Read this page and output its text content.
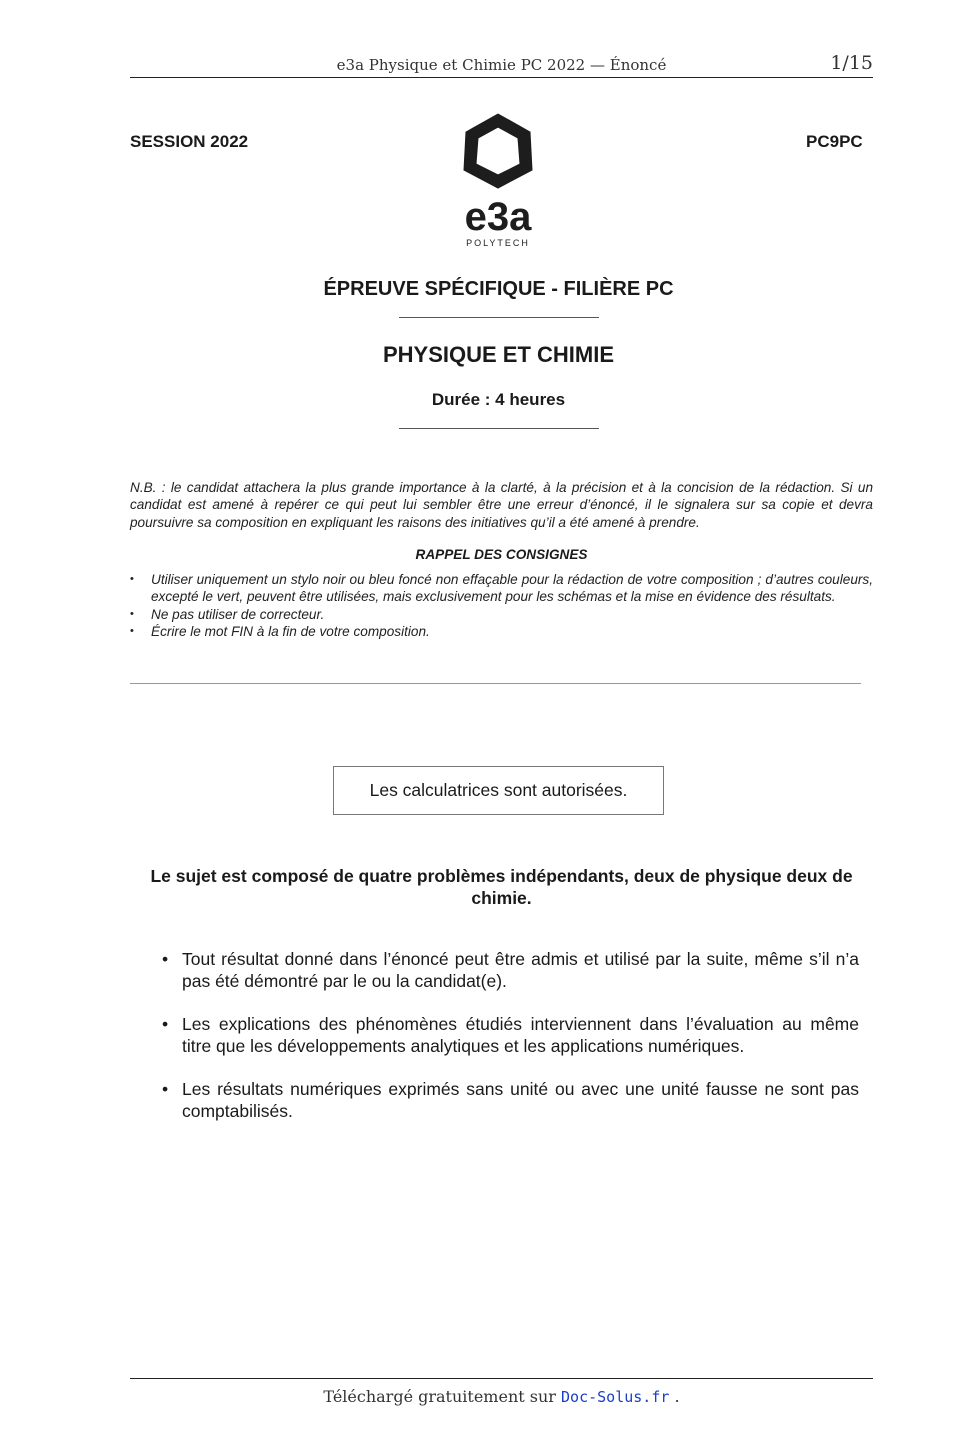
e3a Physique et Chimie PC 2022 — Énoncé	1/15
SESSION 2022	PC9PC
e3a
POLYTECH
ÉPREUVE SPÉCIFIQUE - FILIÈRE PC
PHYSIQUE ET CHIMIE
Durée : 4 heures
N.B. : le candidat attachera la plus grande importance à la clarté, à la précision et à la concision de la rédaction. Si un candidat est amené à repérer ce qui peut lui sembler être une erreur d’énoncé, il le signalera sur sa copie et devra poursuivre sa composition en expliquant les raisons des initiatives qu’il a été amené à prendre.
RAPPEL DES CONSIGNES
• Utiliser uniquement un stylo noir ou bleu foncé non effaçable pour la rédaction de votre composition ; d’autres couleurs, excepté le vert, peuvent être utilisées, mais exclusivement pour les schémas et la mise en évidence des résultats.
• Ne pas utiliser de correcteur.
• Écrire le mot FIN à la fin de votre composition.
Les calculatrices sont autorisées.
Le sujet est composé de quatre problèmes indépendants, deux de physique deux de chimie.
• Tout résultat donné dans l’énoncé peut être admis et utilisé par la suite, même s’il n’a pas été démontré par le ou la candidat(e).
• Les explications des phénomènes étudiés interviennent dans l’évaluation au même titre que les développements analytiques et les applications numériques.
• Les résultats numériques exprimés sans unité ou avec une unité fausse ne sont pas comptabilisés.
Téléchargé gratuitement sur Doc-Solus.fr .
